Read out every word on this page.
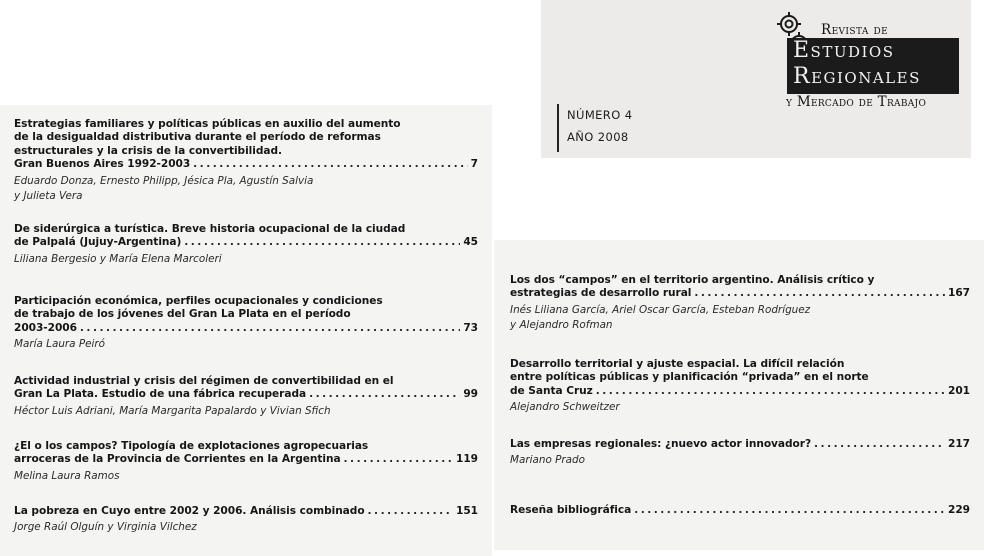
Revista de
Estudios
Regionales
y Mercado de Trabajo
NÚMERO 4
AÑO 2008
Estrategias familiares y políticas públicas en auxilio del aumento
de la desigualdad distributiva durante el período de reformas
estructurales y la crisis de la convertibilidad.
Gran Buenos Aires 1992-2003 . . .	7
Eduardo Donza, Ernesto Philipp, Jésica Pla, Agustín Salvia
y Julieta Vera
De siderúrgica a turística. Breve historia ocupacional de la ciudad
de Palpalá (Jujuy-Argentina) . . .	45
Liliana Bergesio y María Elena Marcoleri
Participación económica, perfiles ocupacionales y condiciones
de trabajo de los jóvenes del Gran La Plata en el período
2003-2006 . . .	73
María Laura Peiró
Actividad industrial y crisis del régimen de convertibilidad en el
Gran La Plata. Estudio de una fábrica recuperada . . .	99
Héctor Luis Adriani, María Margarita Papalardo y Vivian Sfich
¿El o los campos? Tipología de explotaciones agropecuarias
arroceras de la Provincia de Corrientes en la Argentina . . .	119
Melina Laura Ramos
La pobreza en Cuyo entre 2002 y 2006. Análisis combinado . . .	151
Jorge Raúl Olguín y Virginia Vilchez
Los dos “campos” en el territorio argentino. Análisis crítico y
estrategias de desarrollo rural . . .	167
Inés Liliana García, Ariel Oscar García, Esteban Rodríguez
y Alejandro Rofman
Desarrollo territorial y ajuste espacial. La difícil relación
entre políticas públicas y planificación “privada” en el norte
de Santa Cruz . . .	201
Alejandro Schweitzer
Las empresas regionales: ¿nuevo actor innovador? . . .	217
Mariano Prado
Reseña bibliográfica . . .	229
